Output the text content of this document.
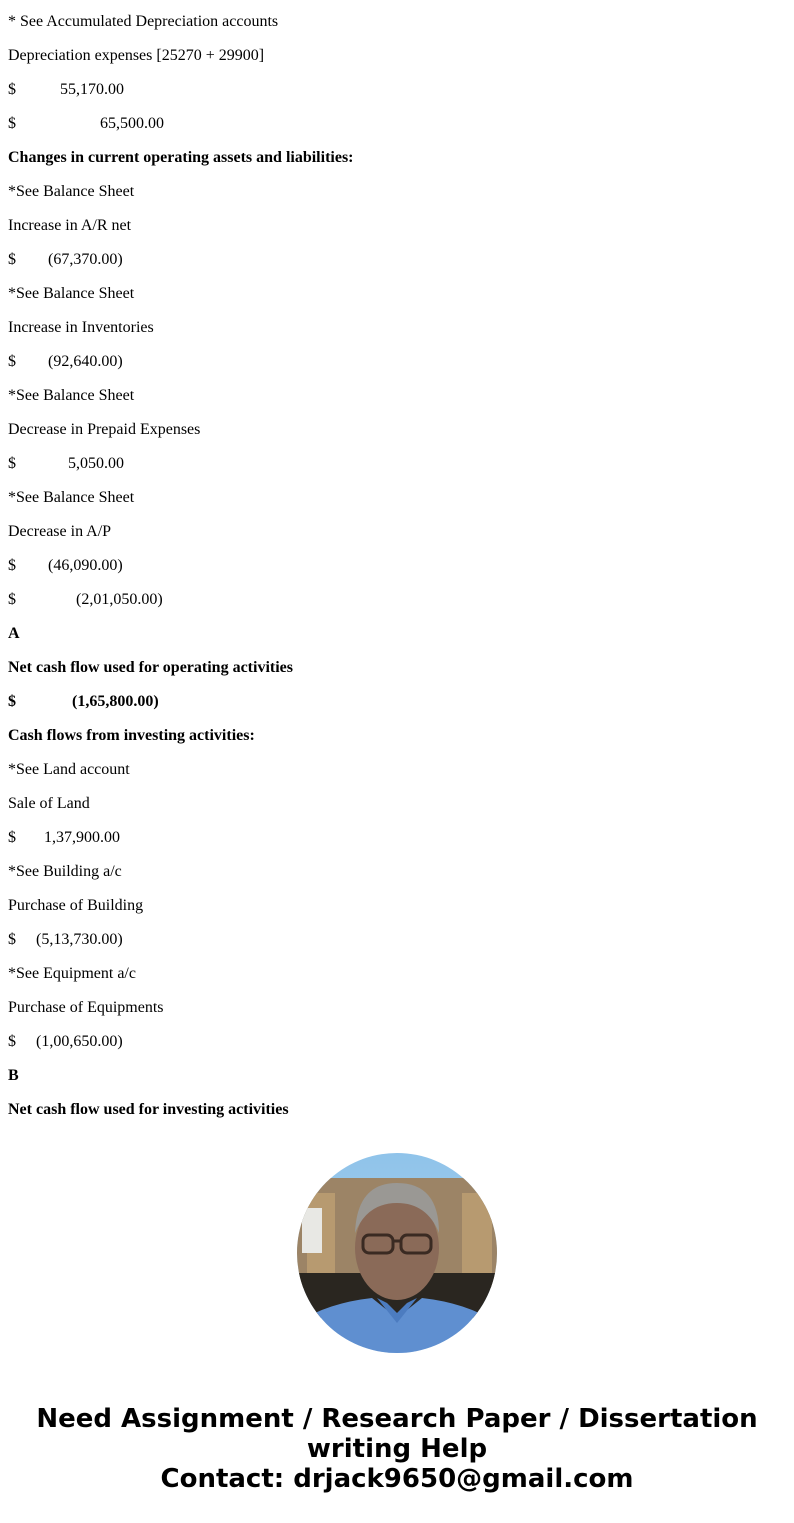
* See Accumulated Depreciation accounts
Depreciation expenses [25270 + 29900]
$           55,170.00
$                     65,500.00
Changes in current operating assets and liabilities:
*See Balance Sheet
Increase in A/R net
$        (67,370.00)
*See Balance Sheet
Increase in Inventories
$        (92,640.00)
*See Balance Sheet
Decrease in Prepaid Expenses
$             5,050.00
*See Balance Sheet
Decrease in A/P
$        (46,090.00)
$               (2,01,050.00)
A
Net cash flow used for operating activities
$              (1,65,800.00)
Cash flows from investing activities:
*See Land account
Sale of Land
$       1,37,900.00
*See Building a/c
Purchase of Building
$     (5,13,730.00)
*See Equipment a/c
Purchase of Equipments
$     (1,00,650.00)
B
Net cash flow used for investing activities
Need Assignment / Research Paper / Dissertation
writing Help
Contact: drjack9650@gmail.com
